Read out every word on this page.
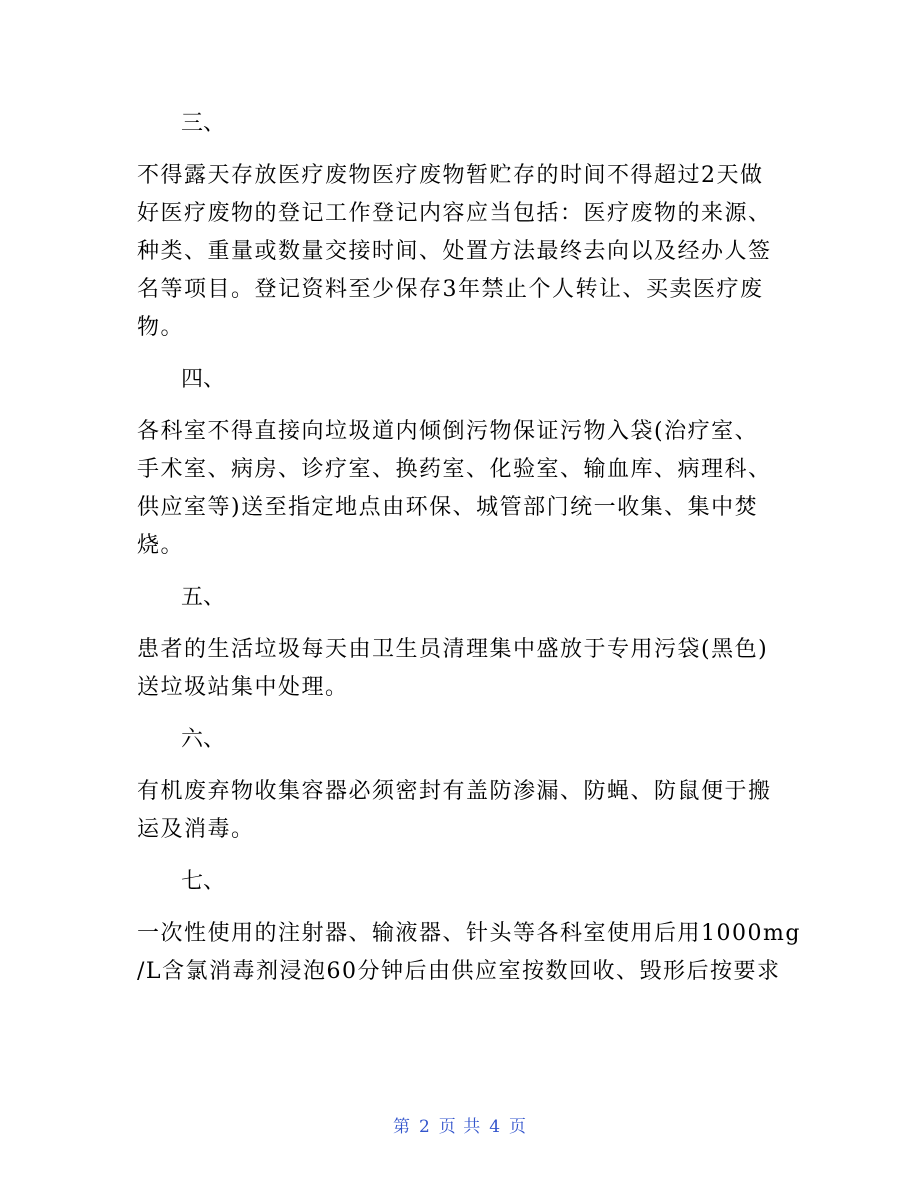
三、
不得露天存放医疗废物医疗废物暂贮存的时间不得超过2天做
好医疗废物的登记工作登记内容应当包括：医疗废物的来源、
种类、重量或数量交接时间、处置方法最终去向以及经办人签
名等项目。登记资料至少保存3年禁止个人转让、买卖医疗废
物。
四、
各科室不得直接向垃圾道内倾倒污物保证污物入袋(治疗室、
手术室、病房、诊疗室、换药室、化验室、输血库、病理科、
供应室等)送至指定地点由环保、城管部门统一收集、集中焚
烧。
五、
患者的生活垃圾每天由卫生员清理集中盛放于专用污袋(黑色)
送垃圾站集中处理。
六、
有机废弃物收集容器必须密封有盖防渗漏、防蝇、防鼠便于搬
运及消毒。
七、
一次性使用的注射器、输液器、针头等各科室使用后用1000mg
/L含氯消毒剂浸泡60分钟后由供应室按数回收、毁形后按要求
第 2 页 共 4 页
